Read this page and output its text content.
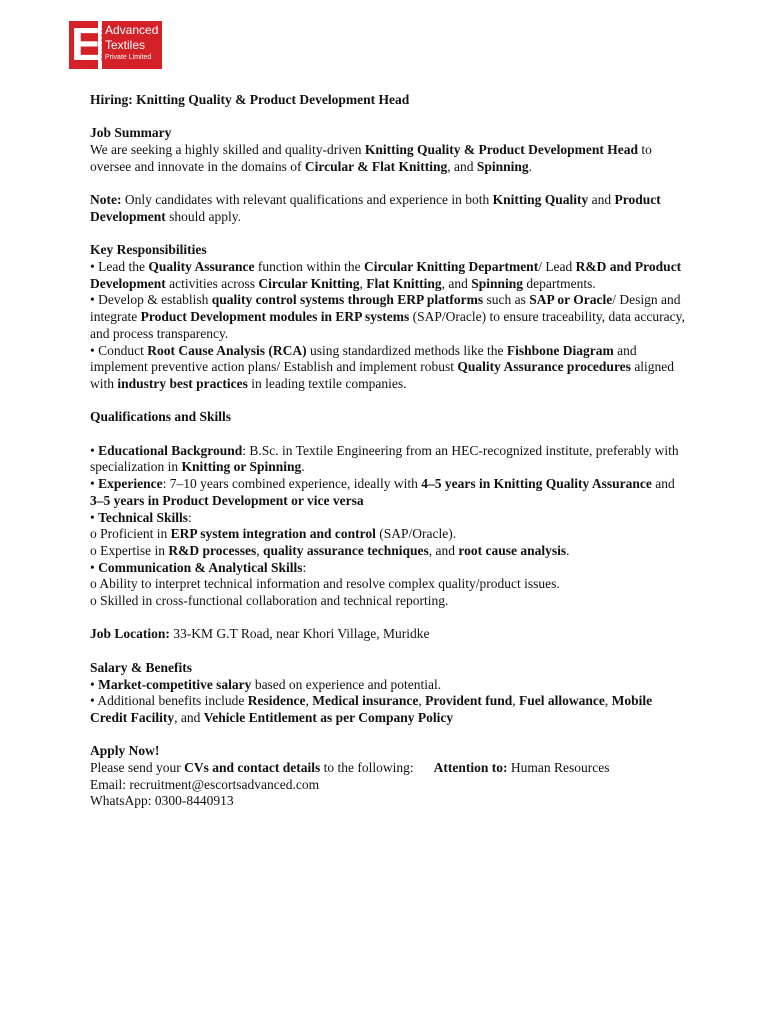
E Advanced
Textiles
Private Limited

Hiring: Knitting Quality & Product Development Head

Job Summary

We are seeking a highly skilled and quality-driven Knitting Quality & Product Development Head to
oversee and innovate in the domains of Circular & Flat Knitting, and Spinning.

Note: Only candidates with relevant qualifications and experience in both Knitting Quality and Product Development should apply.

Key Responsibilities

• Lead the Quality Assurance function within the Circular Knitting Department/ Lead R&D and Product Development activities across Circular Knitting, Flat Knitting, and Spinning departments.

• Develop & establish quality control systems through ERP platforms such as SAP or Oracle/ Design and integrate Product Development modules in ERP systems (SAP/Oracle) to ensure traceability, data accuracy, and process transparency.

• Conduct Root Cause Analysis (RCA) using standardized methods like the Fishbone Diagram and implement preventive action plans/ Establish and implement robust Quality Assurance procedures aligned with industry best practices in leading textile companies.

Qualifications and Skills

• Educational Background: B.Sc. in Textile Engineering from an HEC-recognized institute, preferably with specialization in Knitting or Spinning.

• Experience: 7–10 years combined experience, ideally with 4–5 years in Knitting Quality Assurance and 3–5 years in Product Development or vice versa

• Technical Skills:

o Proficient in ERP system integration and control (SAP/Oracle).

o Expertise in R&D processes, quality assurance techniques, and root cause analysis.

• Communication & Analytical Skills:

o Ability to interpret technical information and resolve complex quality/product issues.

o Skilled in cross-functional collaboration and technical reporting.

Job Location: 33-KM G.T Road, near Khori Village, Muridke

Salary & Benefits

• Market-competitive salary based on experience and potential.

• Additional benefits include Residence, Medical insurance, Provident fund, Fuel allowance, Mobile Credit Facility, and Vehicle Entitlement as per Company Policy

Apply Now!

Please send your CVs and contact details to the following: Attention to: Human Resources

Email: recruitment@escortsadvanced.com

WhatsApp: 0300-8440913
